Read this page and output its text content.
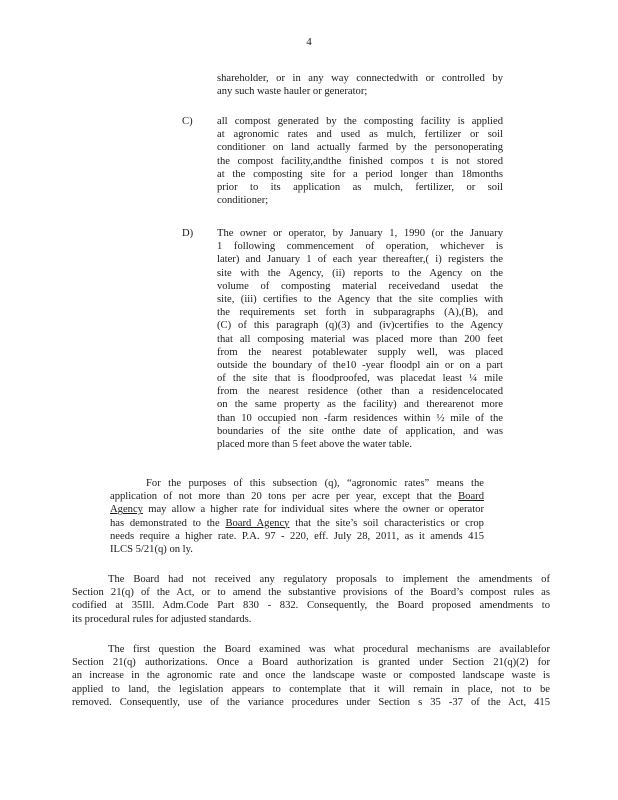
4
shareholder, or in any way connectedwith or controlled by
any such waste hauler or generator;
C) all compost generated by the composting facility is applied
at agronomic rates and used as mulch, fertilizer or soil
conditioner on land actually farmed by the personoperating
the compost facility,andthe finished compos t is not stored
at the composting site for a period longer than 18months
prior to its application as mulch, fertilizer, or soil
conditioner;
D) The owner or operator, by January 1, 1990 (or the January
1 following commencement of operation, whichever is
later) and January 1 of each year thereafter,( i) registers the
site with the Agency, (ii) reports to the Agency on the
volume of composting material receivedand usedat the
site, (iii) certifies to the Agency that the site complies with
the requirements set forth in subparagraphs (A),(B), and
(C) of this paragraph (q)(3) and (iv)certifies to the Agency
that all composing material was placed more than 200 feet
from the nearest potablewater supply well, was placed
outside the boundary of the10 -year floodpl ain or on a part
of the site that is floodproofed, was placedat least ¼ mile
from the nearest residence (other than a residencelocated
on the same property as the facility) and therearenot more
than 10 occupied non -farm residences within ½ mile of the
boundaries of the site onthe date of application, and was
placed more than 5 feet above the water table.
For the purposes of this subsection (q), “agronomic rates” means the
application of not more than 20 tons per acre per year, except that the Board
Agency may allow a higher rate for individual sites where the owner or operator
has demonstrated to the Board Agency that the site’s soil characteristics or crop
needs require a higher rate. P.A. 97 - 220, eff. July 28, 2011, as it amends 415
ILCS 5/21(q) on ly.
The Board had not received any regulatory proposals to implement the amendments of
Section 21(q) of the Act, or to amend the substantive provisions of the Board’s compost rules as
codified at 35Ill. Adm.Code Part 830 - 832. Consequently, the Board proposed amendments to
its procedural rules for adjusted standards.
The first question the Board examined was what procedural mechanisms are availablefor
Section 21(q) authorizations. Once a Board authorization is granted under Section 21(q)(2) for
an increase in the agronomic rate and once the landscape waste or composted landscape waste is
applied to land, the legislation appears to contemplate that it will remain in place, not to be
removed. Consequently, use of the variance procedures under Section s 35 -37 of the Act, 415
